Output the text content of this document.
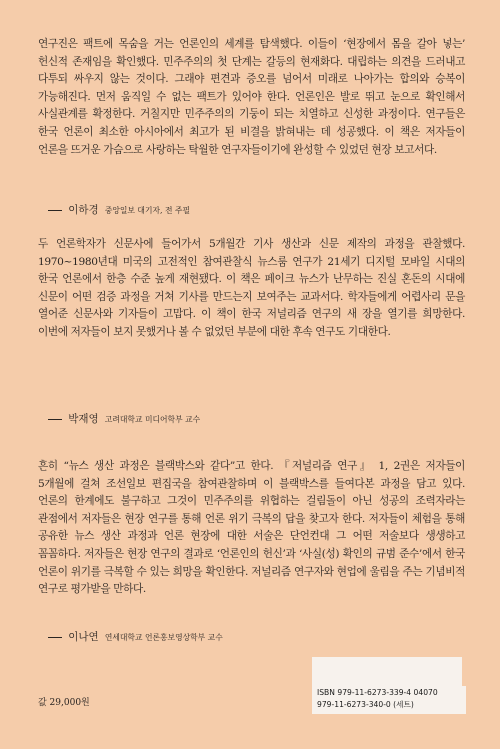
연구진은 팩트에 목숨을 거는 언론인의 세계를 탐색했다. 이들이 ‘현장에서 몸을 갈아 넣는’ 헌신적 존재임을 확인했다. 민주주의의 첫 단계는 갈등의 현재화다. 대립하는 의견을 드러내고 다투되 싸우지 않는 것이다. 그래야 편견과 증오를 넘어서 미래로 나아가는 합의와 승복이 가능해진다. 먼저 움직일 수 없는 팩트가 있어야 한다. 언론인은 발로 뛰고 눈으로 확인해서 사실관계를 확정한다. 거칠지만 민주주의의 기둥이 되는 치열하고 신성한 과정이다. 연구들은 한국 언론이 최소한 아시아에서 최고가 된 비결을 밝혀내는 데 성공했다. 이 책은 저자들이 언론을 뜨거운 가슴으로 사랑하는 탁월한 연구자들이기에 완성할 수 있었던 현장 보고서다.

이하경 중앙일보 대기자, 전 주필

두 언론학자가 신문사에 들어가서 5개월간 기사 생산과 신문 제작의 과정을 관찰했다. 1970~1980년대 미국의 고전적인 참여관찰식 뉴스룸 연구가 21세기 디지털 모바일 시대의 한국 언론에서 한층 수준 높게 재현됐다. 이 책은 페이크 뉴스가 난무하는 진실 혼돈의 시대에 신문이 어떤 검증 과정을 거쳐 기사를 만드는지 보여주는 교과서다. 학자들에게 어렵사리 문을 열어준 신문사와 기자들이 고맙다. 이 책이 한국 저널리즘 연구의 새 장을 열기를 희망한다. 이번에 저자들이 보지 못했거나 볼 수 없었던 부분에 대한 후속 연구도 기대한다.

박재영 고려대학교 미디어학부 교수

흔히 “뉴스 생산 과정은 블랙박스와 같다”고 한다. 『저널리즘 연구』 1, 2권은 저자들이 5개월에 걸쳐 조선일보 편집국을 참여관찰하며 이 블랙박스를 들여다본 과정을 담고 있다. 언론의 한계에도 불구하고 그것이 민주주의를 위협하는 걸림돌이 아닌 성공의 조력자라는 관점에서 저자들은 현장 연구를 통해 언론 위기 극복의 답을 찾고자 한다. 저자들이 체험을 통해 공유한 뉴스 생산 과정과 언론 현장에 대한 서술은 단언컨대 그 어떤 저술보다 생생하고 꼼꼼하다. 저자들은 현장 연구의 결과로 ‘언론인의 헌신’과 ‘사실(성) 확인의 규범 준수’에서 한국 언론이 위기를 극복할 수 있는 희망을 확인한다. 저널리즘 연구자와 현업에 울림을 주는 기념비적 연구로 평가받을 만하다.

이나연 연세대학교 언론홍보영상학부 교수
값 29,000원
ISBN 979-11-6273-339-4 04070
979-11-6273-340-0 (세트)
